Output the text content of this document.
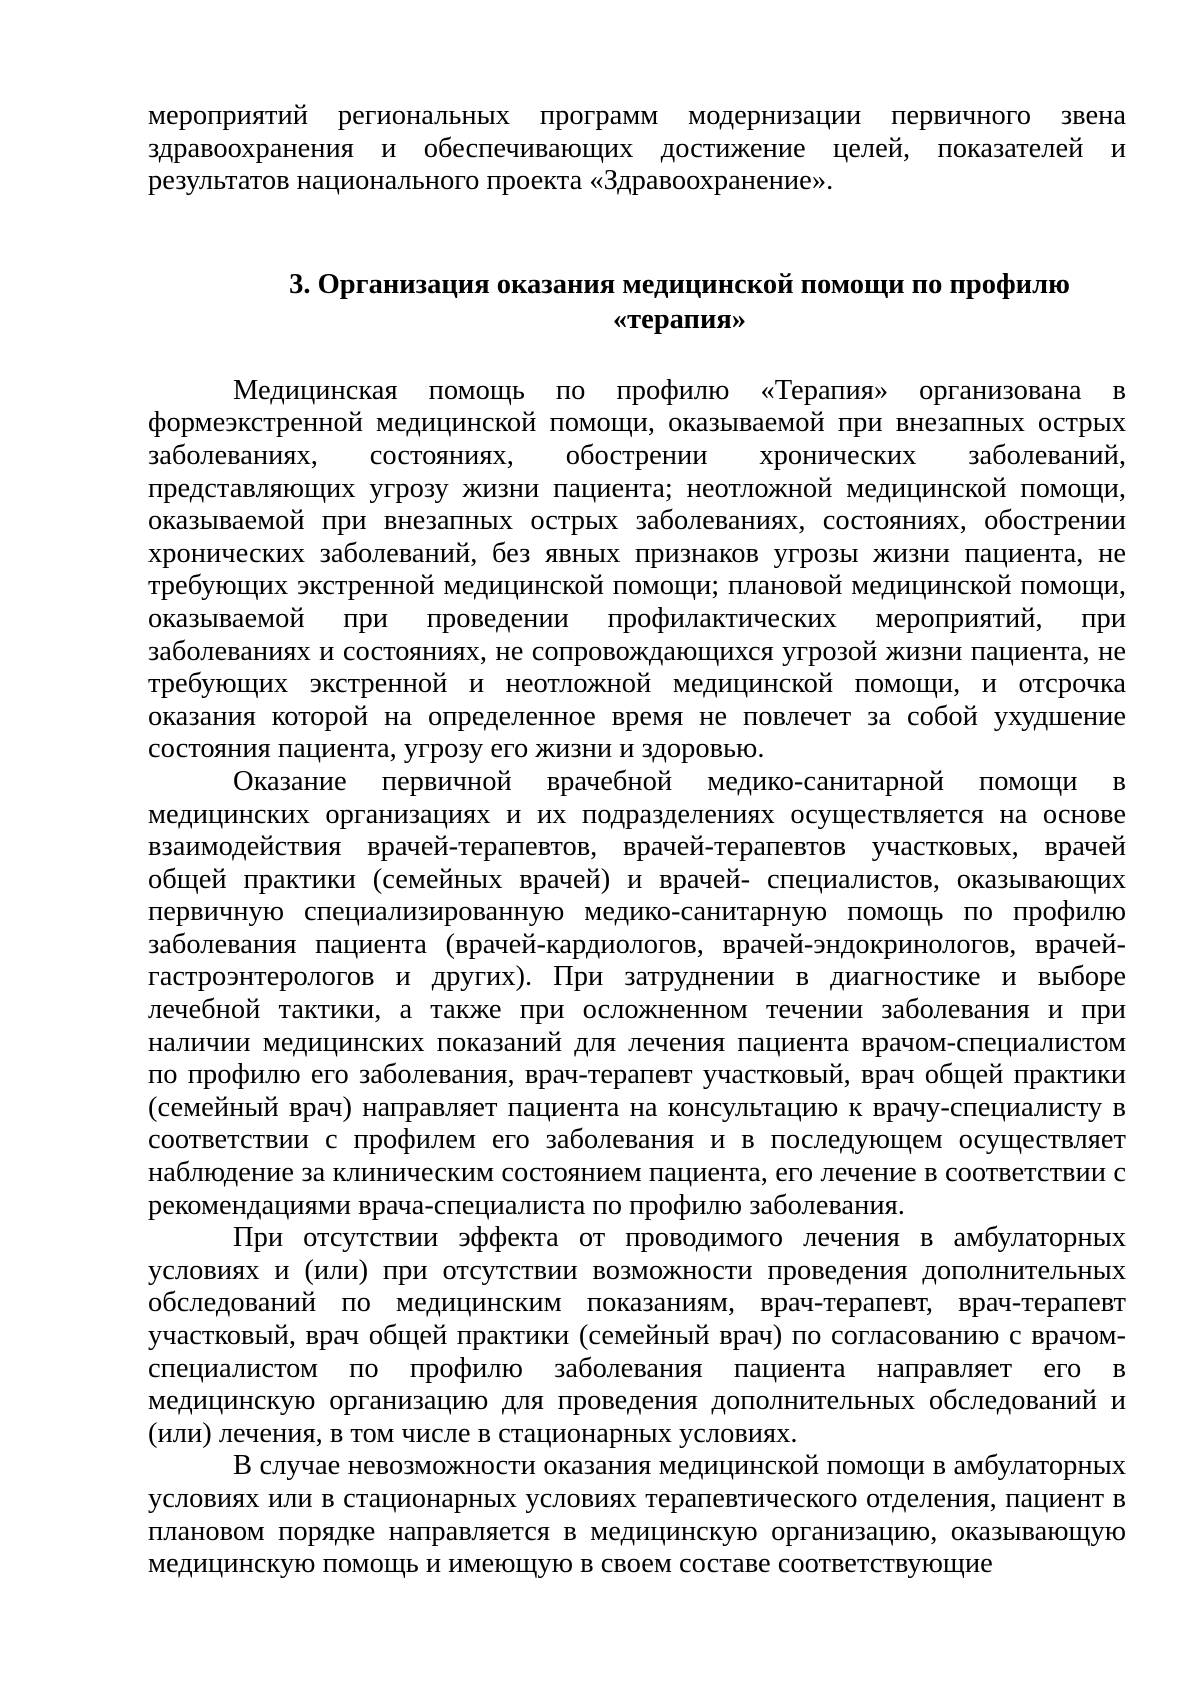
мероприятий региональных программ модернизации первичного звена здравоохранения и обеспечивающих достижение целей, показателей и результатов национального проекта «Здравоохранение».

3. Организация оказания медицинской помощи по профилю
«терапия»

Медицинская помощь по профилю «Терапия» организована в формеэкстренной медицинской помощи, оказываемой при внезапных острых заболеваниях, состояниях, обострении хронических заболеваний, представляющих угрозу жизни пациента; неотложной медицинской помощи, оказываемой при внезапных острых заболеваниях, состояниях, обострении хронических заболеваний, без явных признаков угрозы жизни пациента, не требующих экстренной медицинской помощи; плановой медицинской помощи, оказываемой при проведении профилактических мероприятий, при заболеваниях и состояниях, не сопровождающихся угрозой жизни пациента, не требующих экстренной и неотложной медицинской помощи, и отсрочка оказания которой на определенное время не повлечет за собой ухудшение состояния пациента, угрозу его жизни и здоровью.

Оказание первичной врачебной медико-санитарной помощи в медицинских организациях и их подразделениях осуществляется на основе взаимодействия врачей-терапевтов, врачей-терапевтов участковых, врачей общей практики (семейных врачей) и врачей- специалистов, оказывающих первичную специализированную медико-санитарную помощь по профилю заболевания пациента (врачей-кардиологов, врачей-эндокринологов, врачей-гастроэнтерологов и других). При затруднении в диагностике и выборе лечебной тактики, а также при осложненном течении заболевания и при наличии медицинских показаний для лечения пациента врачом-специалистом по профилю его заболевания, врач-терапевт участковый, врач общей практики (семейный врач) направляет пациента на консультацию к врачу-специалисту в соответствии с профилем его заболевания и в последующем осуществляет наблюдение за клиническим состоянием пациента, его лечение в соответствии с рекомендациями врача-специалиста по профилю заболевания.

При отсутствии эффекта от проводимого лечения в амбулаторных условиях и (или) при отсутствии возможности проведения дополнительных обследований по медицинским показаниям, врач-терапевт, врач-терапевт участковый, врач общей практики (семейный врач) по согласованию с врачом-специалистом по профилю заболевания пациента направляет его в медицинскую организацию для проведения дополнительных обследований и (или) лечения, в том числе в стационарных условиях.

В случае невозможности оказания медицинской помощи в амбулаторных условиях или в стационарных условиях терапевтического отделения, пациент в плановом порядке направляется в медицинскую организацию, оказывающую медицинскую помощь и имеющую в своем составе соответствующие
